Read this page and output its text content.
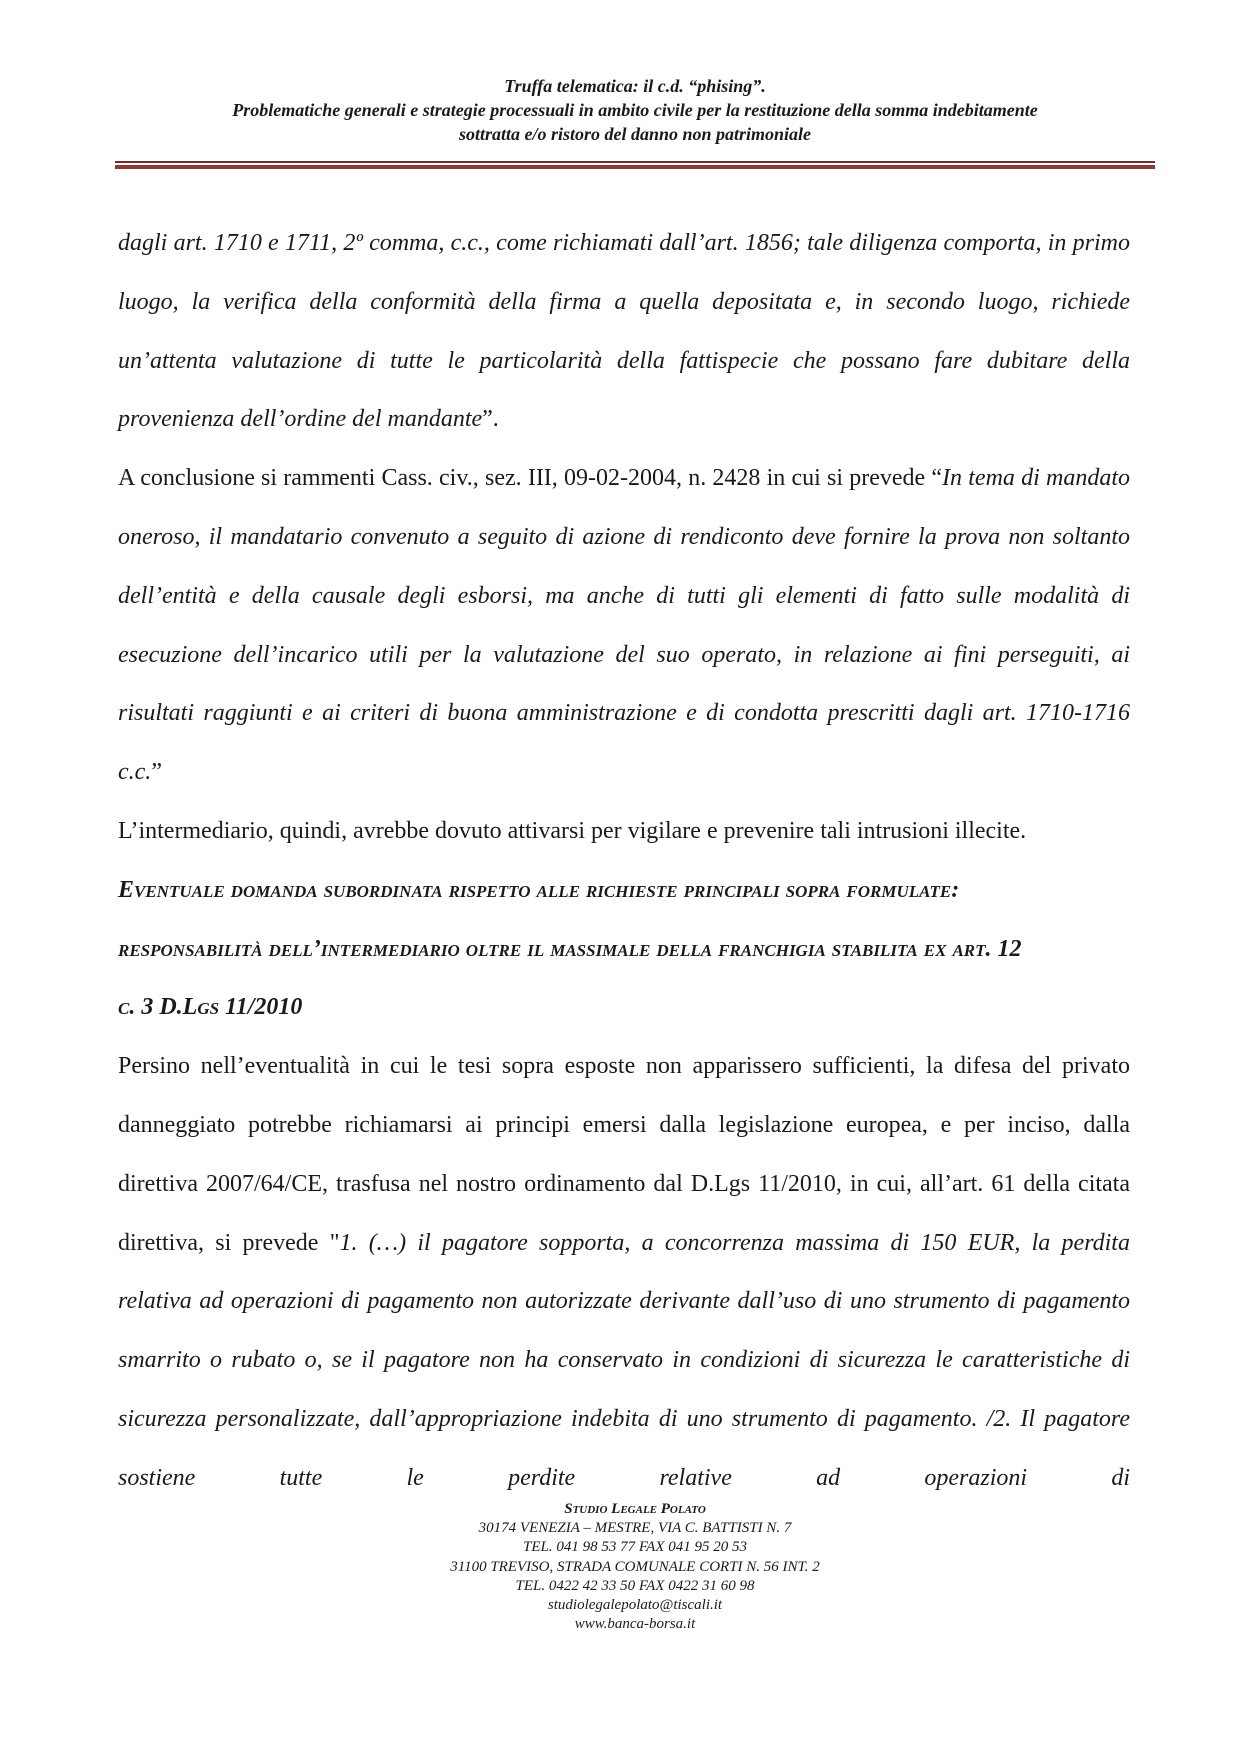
Truffa telematica: il c.d. “phising”.
Problematiche generali e strategie processuali in ambito civile per la restituzione della somma indebitamente
sottratta e/o ristoro del danno non patrimoniale

dagli art. 1710 e 1711, 2º comma, c.c., come richiamati dall’art. 1856; tale diligenza comporta, in primo luogo, la verifica della conformità della firma a quella depositata e, in secondo luogo, richiede un’attenta valutazione di tutte le particolarità della fattispecie che possano fare dubitare della provenienza dell’ordine del mandante”.

A conclusione si rammenti Cass. civ., sez. III, 09-02-2004, n. 2428 in cui si prevede “In tema di mandato oneroso, il mandatario convenuto a seguito di azione di rendiconto deve fornire la prova non soltanto dell’entità e della causale degli esborsi, ma anche di tutti gli elementi di fatto sulle modalità di esecuzione dell’incarico utili per la valutazione del suo operato, in relazione ai fini perseguiti, ai risultati raggiunti e ai criteri di buona amministrazione e di condotta prescritti dagli art. 1710-1716 c.c.”

L’intermediario, quindi, avrebbe dovuto attivarsi per vigilare e prevenire tali intrusioni illecite.

Eventuale domanda subordinata rispetto alle richieste principali sopra formulate:
responsabilità dell’intermediario oltre il massimale della franchigia stabilita ex art. 12
c. 3 D.Lgs 11/2010

Persino nell’eventualità in cui le tesi sopra esposte non apparissero sufficienti, la difesa del privato danneggiato potrebbe richiamarsi ai principi emersi dalla legislazione europea, e per inciso, dalla direttiva 2007/64/CE, trasfusa nel nostro ordinamento dal D.Lgs 11/2010, in cui, all’art. 61 della citata direttiva, si prevede "1. (…) il pagatore sopporta, a concorrenza massima di 150 EUR, la perdita relativa ad operazioni di pagamento non autorizzate derivante dall’uso di uno strumento di pagamento smarrito o rubato o, se il pagatore non ha conservato in condizioni di sicurezza le caratteristiche di sicurezza personalizzate, dall’appropriazione indebita di uno strumento di pagamento. /2. Il pagatore sostiene tutte le perdite relative ad operazioni di

Studio Legale Polato
30174 VENEZIA – MESTRE, VIA C. BATTISTI N. 7
TEL. 041 98 53 77 FAX 041 95 20 53
31100 TREVISO, STRADA COMUNALE CORTI N. 56 INT. 2
TEL. 0422 42 33 50 FAX 0422 31 60 98
studiolegalepolato@tiscali.it
www.banca-borsa.it
